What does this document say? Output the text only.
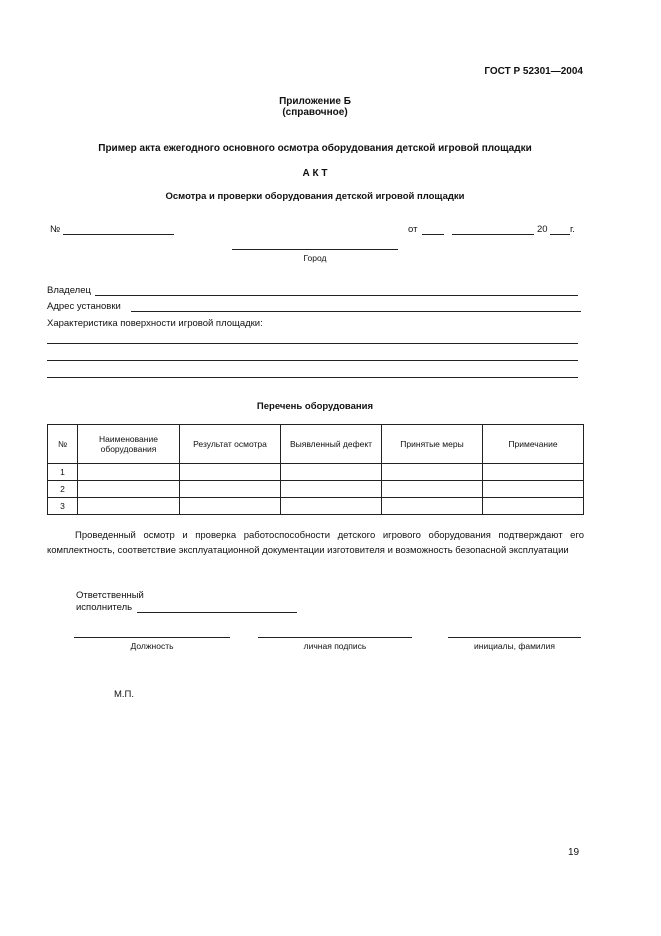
ГОСТ Р 52301—2004
Приложение Б
(справочное)
Пример акта ежегодного основного осмотра оборудования детской игровой площадки
А К Т
Осмотра и проверки оборудования детской игровой площадки
№	от	20 г.
Город
Владелец
Адрес установки
Характеристика поверхности игровой площадки:
Перечень оборудования
№	Наименование оборудования	Результат осмотра	Выявленный дефект	Принятые меры	Примечание
1					
2					
3					
Проведенный осмотр и проверка работоспособности детского игрового оборудования подтверждают его комплектность, соответствие эксплуатационной документации изготовителя и возможность безопасной эксплуатации
Ответственный
исполнитель
Должность	личная подпись	инициалы, фамилия
М.П.
19
